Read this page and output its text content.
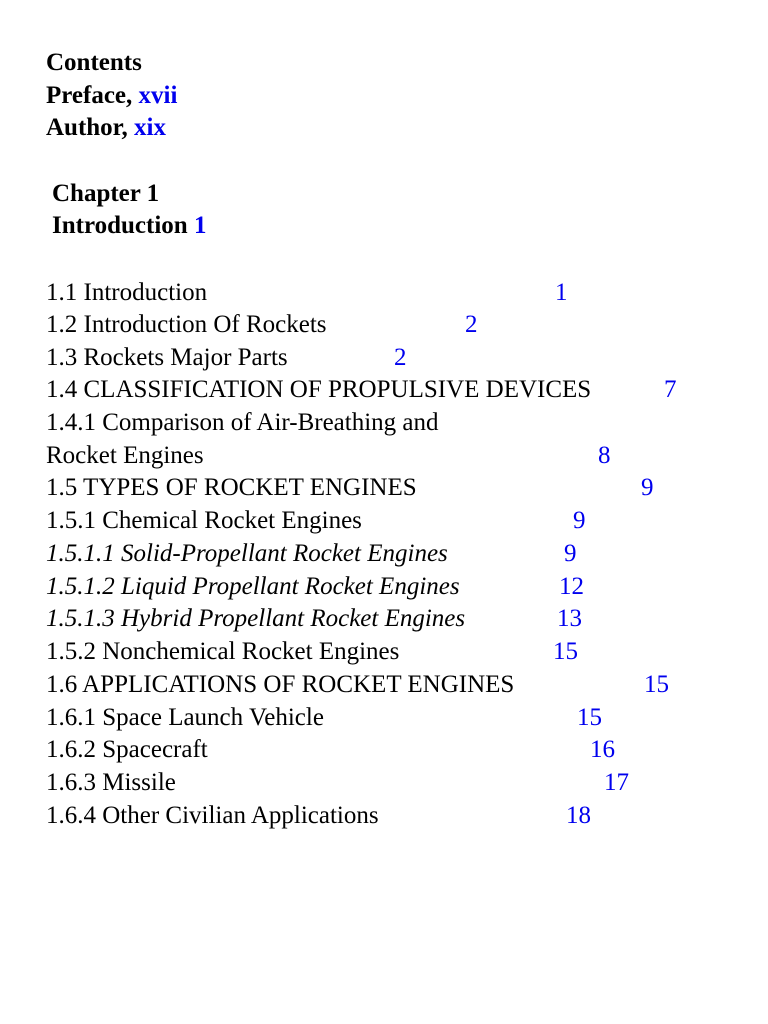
Contents
Preface, xvii
Author, xix
Chapter 1
Introduction 1
1.1 Introduction	1
1.2 Introduction Of Rockets	2
1.3 Rockets Major Parts	2
1.4 CLASSIFICATION OF PROPULSIVE DEVICES	7
1.4.1 Comparison of Air-Breathing and
Rocket Engines	8
1.5 TYPES OF ROCKET ENGINES	9
1.5.1 Chemical Rocket Engines	9
1.5.1.1 Solid-Propellant Rocket Engines	9
1.5.1.2 Liquid Propellant Rocket Engines	12
1.5.1.3 Hybrid Propellant Rocket Engines	13
1.5.2 Nonchemical Rocket Engines	15
1.6 APPLICATIONS OF ROCKET ENGINES	15
1.6.1 Space Launch Vehicle	15
1.6.2 Spacecraft	16
1.6.3 Missile	17
1.6.4 Other Civilian Applications	18
